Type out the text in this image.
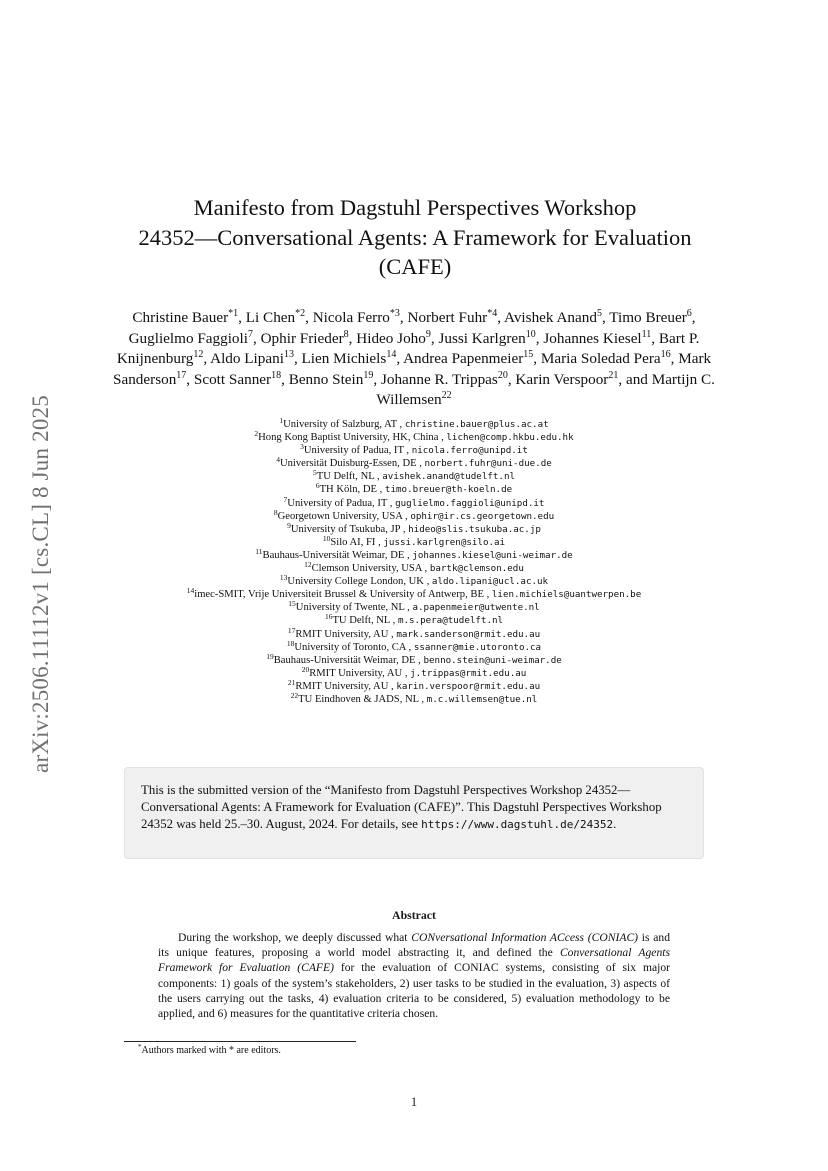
arXiv:2506.11112v1 [cs.CL] 8 Jun 2025
Manifesto from Dagstuhl Perspectives Workshop
24352—Conversational Agents: A Framework for Evaluation
(CAFE)
Christine Bauer$^{*1}$, Li Chen$^{*2}$, Nicola Ferro$^{*3}$, Norbert Fuhr$^{*4}$, Avishek Anand$^5$, Timo Breuer$^6$, Guglielmo Faggioli$^7$, Ophir Frieder$^8$, Hideo Joho$^9$, Jussi Karlgren$^{10}$, Johannes Kiesel$^{11}$, Bart P. Knijnenburg$^{12}$, Aldo Lipani$^{13}$, Lien Michiels$^{14}$, Andrea Papenmeier$^{15}$, Maria Soledad Pera$^{16}$, Mark Sanderson$^{17}$, Scott Sanner$^{18}$, Benno Stein$^{19}$, Johanne R. Trippas$^{20}$, Karin Verspoor$^{21}$, and Martijn C. Willemsen$^{22}$
$^1$University of Salzburg, AT , christine.bauer@plus.ac.at
$^2$Hong Kong Baptist University, HK, China , lichen@comp.hkbu.edu.hk
$^3$University of Padua, IT , nicola.ferro@unipd.it
$^4$Universität Duisburg-Essen, DE , norbert.fuhr@uni-due.de
$^5$TU Delft, NL , avishek.anand@tudelft.nl
$^6$TH Köln, DE , timo.breuer@th-koeln.de
$^7$University of Padua, IT , guglielmo.faggioli@unipd.it
$^8$Georgetown University, USA , ophir@ir.cs.georgetown.edu
$^9$University of Tsukuba, JP , hideo@slis.tsukuba.ac.jp
$^{10}$Silo AI, FI , jussi.karlgren@silo.ai
$^{11}$Bauhaus-Universität Weimar, DE , johannes.kiesel@uni-weimar.de
$^{12}$Clemson University, USA , bartk@clemson.edu
$^{13}$University College London, UK , aldo.lipani@ucl.ac.uk
$^{14}$imec-SMIT, Vrije Universiteit Brussel & University of Antwerp, BE , lien.michiels@uantwerpen.be
$^{15}$University of Twente, NL , a.papenmeier@utwente.nl
$^{16}$TU Delft, NL , m.s.pera@tudelft.nl
$^{17}$RMIT University, AU , mark.sanderson@rmit.edu.au
$^{18}$University of Toronto, CA , ssanner@mie.utoronto.ca
$^{19}$Bauhaus-Universität Weimar, DE , benno.stein@uni-weimar.de
$^{20}$RMIT University, AU , j.trippas@rmit.edu.au
$^{21}$RMIT University, AU , karin.verspoor@rmit.edu.au
$^{22}$TU Eindhoven & JADS, NL , m.c.willemsen@tue.nl
This is the submitted version of the “Manifesto from Dagstuhl Perspectives Workshop 24352—Conversational Agents: A Framework for Evaluation (CAFE)”. This Dagstuhl Perspectives Workshop 24352 was held 25.–30. August, 2024. For details, see https://www.dagstuhl.de/24352.
Abstract
During the workshop, we deeply discussed what CONversational Information ACcess (CONIAC) is and its unique features, proposing a world model abstracting it, and defined the Conversational Agents Framework for Evaluation (CAFE) for the evaluation of CONIAC systems, consisting of six major components: 1) goals of the system’s stakeholders, 2) user tasks to be studied in the evaluation, 3) aspects of the users carrying out the tasks, 4) evaluation criteria to be considered, 5) evaluation methodology to be applied, and 6) measures for the quantitative criteria chosen.
*Authors marked with * are editors.
1
